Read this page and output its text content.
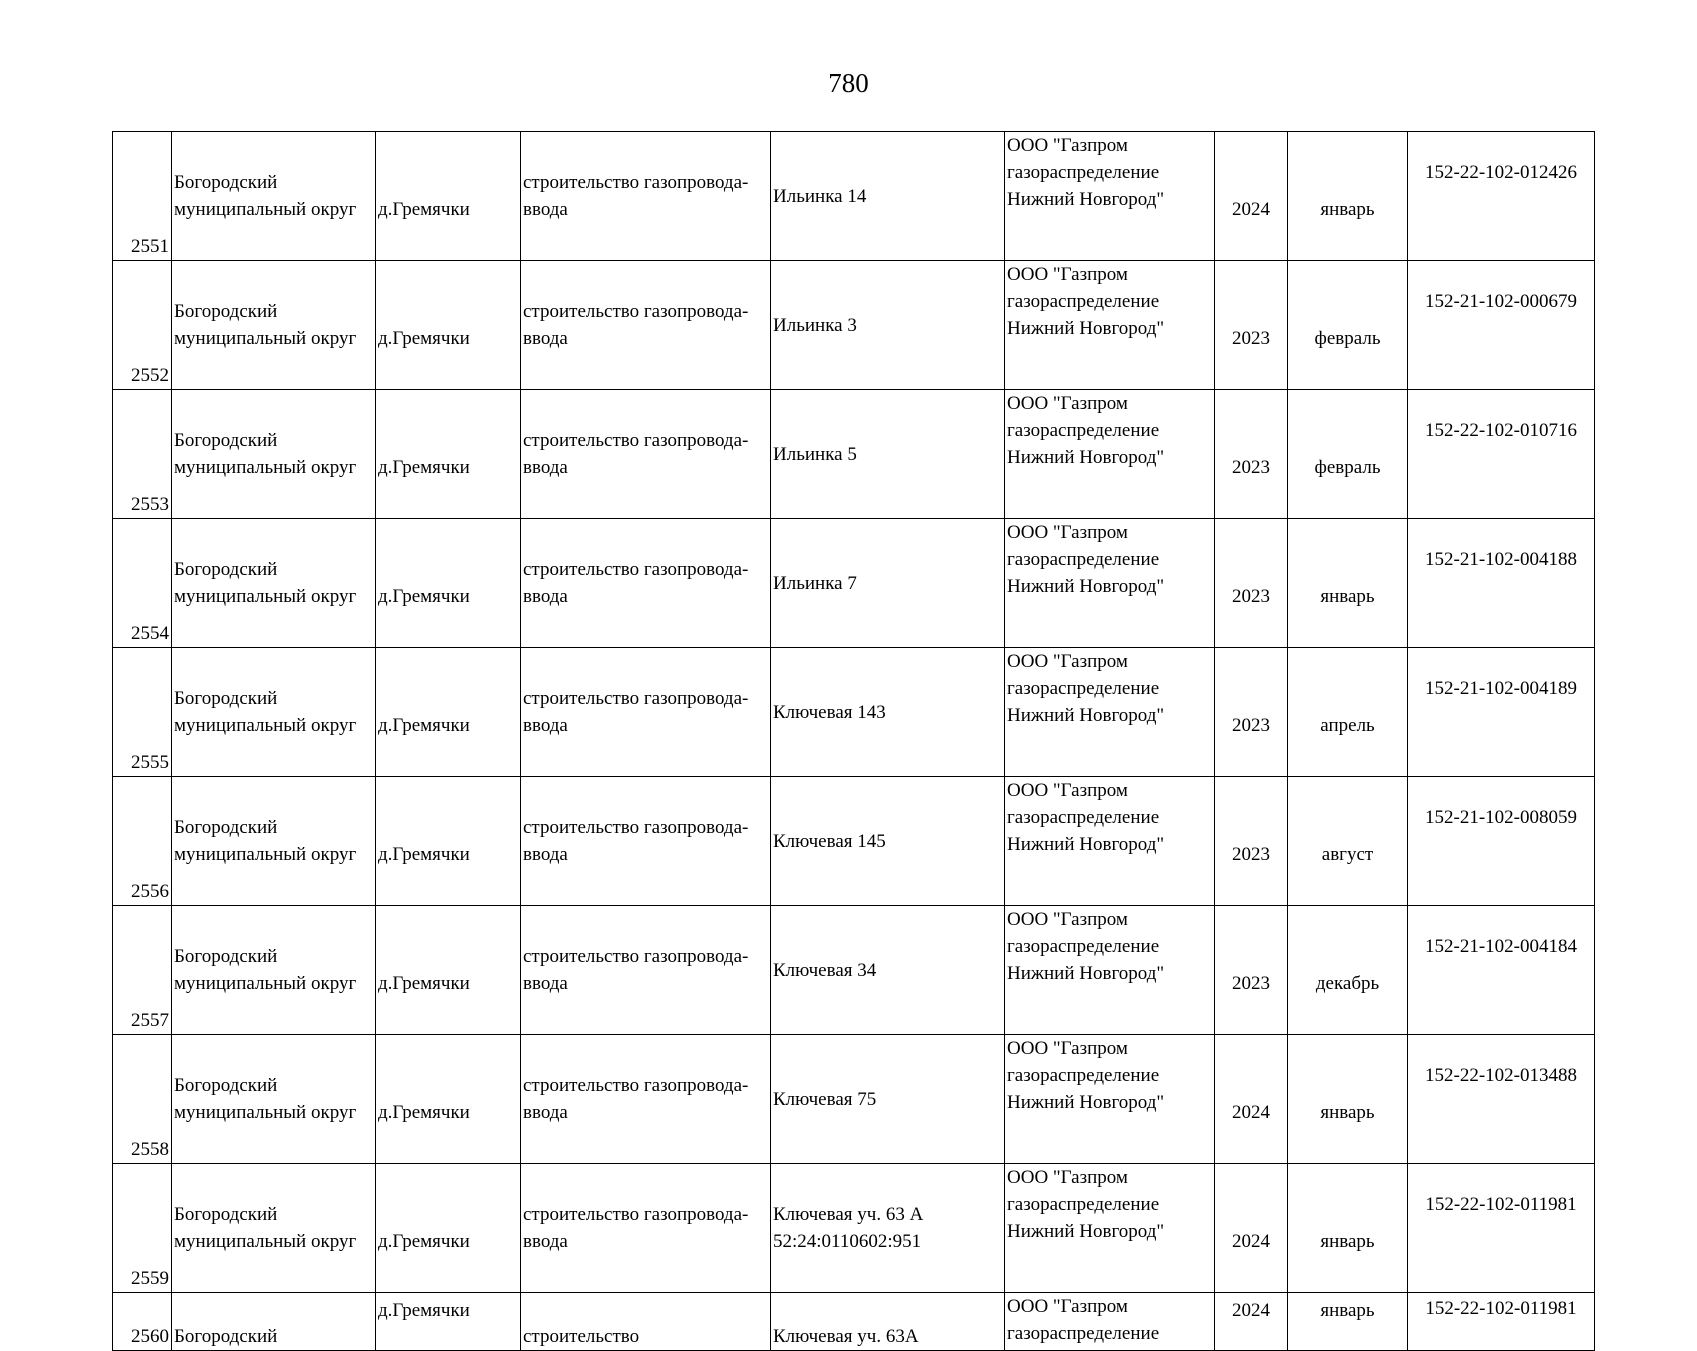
780
2551	Богородский
муниципальный округ	д.Гремячки	строительство газопровода-
ввода	Ильинка 14	ООО "Газпром
газораспределение
Нижний Новгород"	2024	январь	152-22-102-012426

2552	Богородский
муниципальный округ	д.Гремячки	строительство газопровода-
ввода	Ильинка 3	ООО "Газпром
газораспределение
Нижний Новгород"	2023	февраль	152-21-102-000679

2553	Богородский
муниципальный округ	д.Гремячки	строительство газопровода-
ввода	Ильинка 5	ООО "Газпром
газораспределение
Нижний Новгород"	2023	февраль	152-22-102-010716

2554	Богородский
муниципальный округ	д.Гремячки	строительство газопровода-
ввода	Ильинка 7	ООО "Газпром
газораспределение
Нижний Новгород"	2023	январь	152-21-102-004188

2555	Богородский
муниципальный округ	д.Гремячки	строительство газопровода-
ввода	Ключевая 143	ООО "Газпром
газораспределение
Нижний Новгород"	2023	апрель	152-21-102-004189

2556	Богородский
муниципальный округ	д.Гремячки	строительство газопровода-
ввода	Ключевая 145	ООО "Газпром
газораспределение
Нижний Новгород"	2023	август	152-21-102-008059

2557	Богородский
муниципальный округ	д.Гремячки	строительство газопровода-
ввода	Ключевая 34	ООО "Газпром
газораспределение
Нижний Новгород"	2023	декабрь	152-21-102-004184

2558	Богородский
муниципальный округ	д.Гремячки	строительство газопровода-
ввода	Ключевая 75	ООО "Газпром
газораспределение
Нижний Новгород"	2024	январь	152-22-102-013488

2559	Богородский
муниципальный округ	д.Гремячки	строительство газопровода-
ввода	Ключевая уч. 63 А
52:24:0110602:951	ООО "Газпром
газораспределение
Нижний Новгород"	2024	январь	152-22-102-011981

2560	Богородский	д.Гремячки	строительство	Ключевая уч. 63А	ООО "Газпром
газораспределение	2024	январь	152-22-102-011981
